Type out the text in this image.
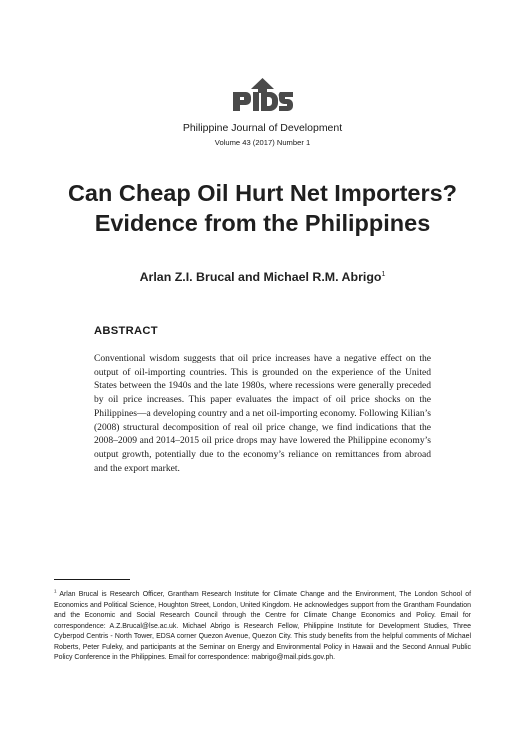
Philippine Journal of Development
Volume 43 (2017) Number 1
Can Cheap Oil Hurt Net Importers?
Evidence from the Philippines
Arlan Z.I. Brucal and Michael R.M. Abrigo$^1$
ABSTRACT

Conventional wisdom suggests that oil price increases have a negative effect on the output of oil-importing countries. This is grounded on the experience of the United States between the 1940s and the late 1980s, where recessions were generally preceded by oil price increases. This paper evaluates the impact of oil price shocks on the Philippines—a developing country and a net oil-importing economy. Following Kilian’s (2008) structural decomposition of real oil price change, we find indications that the 2008–2009 and 2014–2015 oil price drops may have lowered the Philippine economy’s output growth, potentially due to the economy’s reliance on remittances from abroad and the export market.

$^1$ Arlan Brucal is Research Officer, Grantham Research Institute for Climate Change and the Environment, The London School of Economics and Political Science, Houghton Street, London, United Kingdom. He acknowledges support from the Grantham Foundation and the Economic and Social Research Council through the Centre for Climate Change Economics and Policy. Email for correspondence: A.Z.Brucal@lse.ac.uk. Michael Abrigo is Research Fellow, Philippine Institute for Development Studies, Three Cyberpod Centris - North Tower, EDSA corner Quezon Avenue, Quezon City. This study benefits from the helpful comments of Michael Roberts, Peter Fuleky, and participants at the Seminar on Energy and Environmental Policy in Hawaii and the Second Annual Public Policy Conference in the Philippines. Email for correspondence: mabrigo@mail.pids.gov.ph.
